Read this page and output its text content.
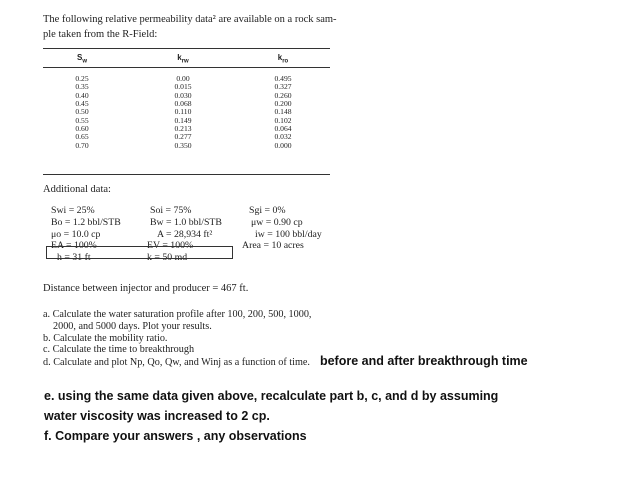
The following relative permeability data² are available on a rock sam-
ple taken from the R-Field:
$S_w$	$k_{rw}$	$k_{ro}$
0.25
0.35
0.40
0.45
0.50
0.55
0.60
0.65
0.70
0.00
0.015
0.030
0.068
0.110
0.149
0.213
0.277
0.350
0.495
0.327
0.260
0.200
0.148
0.102
0.064
0.032
0.000
Additional data:
Swi = 25%
Bo = 1.2 bbl/STB
μo = 10.0 cp
EA = 100%
h = 31 ft
Soi = 75%
Bw = 1.0 bbl/STB
A = 28,934 ft²
EV = 100%
k = 50 md
Sgi = 0%
μw = 0.90 cp
iw = 100 bbl/day
Area = 10 acres
Distance between injector and producer = 467 ft.
a. Calculate the water saturation profile after 100, 200, 500, 1000,
2000, and 5000 days. Plot your results.
b. Calculate the mobility ratio.
c. Calculate the time to breakthrough
d. Calculate and plot Np, Qo, Qw, and Winj as a function of time. before and after breakthrough time
e. using the same data given above, recalculate part b, c, and d by assuming
water viscosity was increased to 2 cp.
f. Compare your answers , any observations
